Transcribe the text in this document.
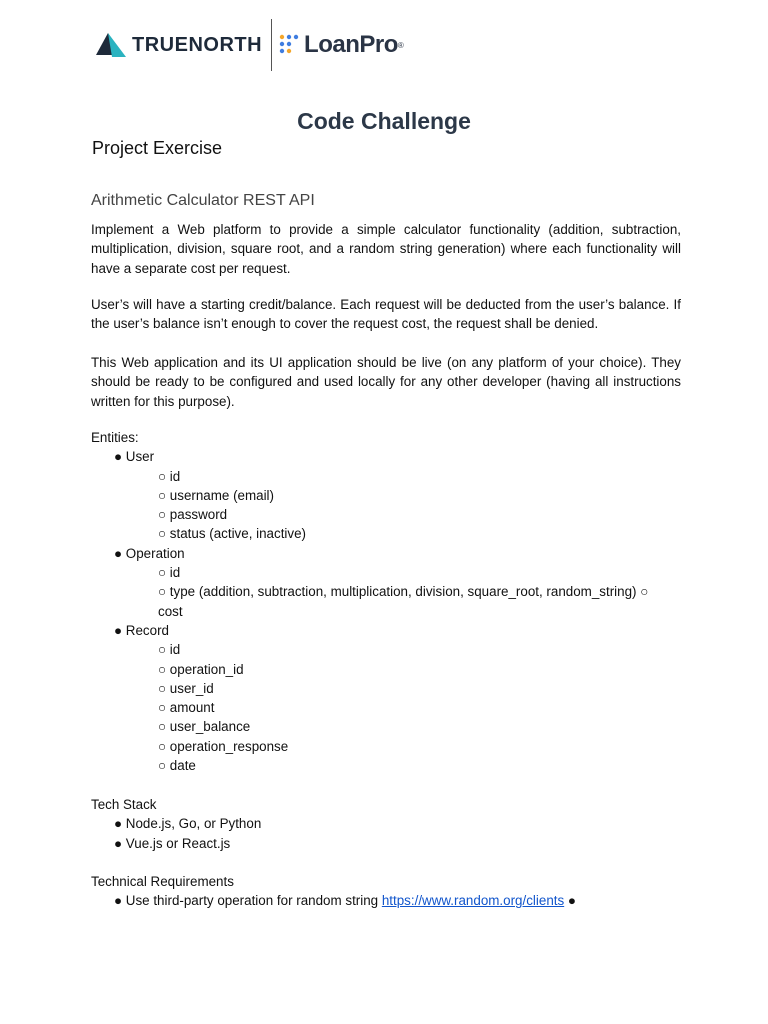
TRUENORTH LoanPro ®
Code Challenge
Project Exercise
Arithmetic Calculator REST API
Implement a Web platform to provide a simple calculator functionality (addition, subtraction, multiplication, division, square root, and a random string generation) where each functionality will have a separate cost per request.
User’s will have a starting credit/balance. Each request will be deducted from the user’s balance. If the user’s balance isn’t enough to cover the request cost, the request shall be denied.
This Web application and its UI application should be live (on any platform of your choice). They should be ready to be configured and used locally for any other developer (having all instructions written for this purpose).
Entities:
● User
○ id
○ username (email)
○ password
○ status (active, inactive)
● Operation
○ id
○ type (addition, subtraction, multiplication, division, square_root, random_string) ○
cost
● Record
○ id
○ operation_id
○ user_id
○ amount
○ user_balance
○ operation_response
○ date
Tech Stack
● Node.js, Go, or Python
● Vue.js or React.js
Technical Requirements
● Use third-party operation for random string https://www.random.org/clients ●
